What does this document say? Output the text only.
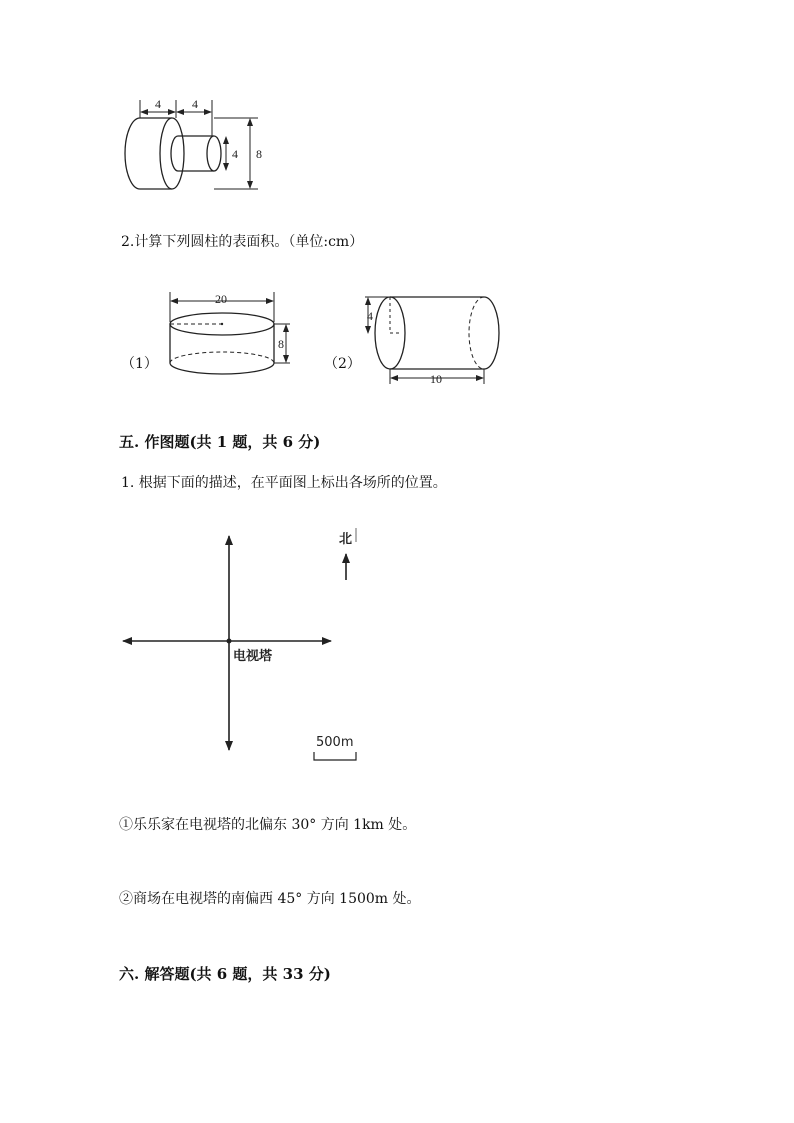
4	4
4 8
2.计算下列圆柱的表面积。（单位:cm）
（1）
20
8
（2）
4
10
五. 作图题(共 1 题，共 6 分)
1. 根据下面的描述，在平面图上标出各场所的位置。
电视塔
北
500m
①乐乐家在电视塔的北偏东 30° 方向 1km 处。
②商场在电视塔的南偏西 45° 方向 1500m 处。
六. 解答题(共 6 题，共 33 分)
